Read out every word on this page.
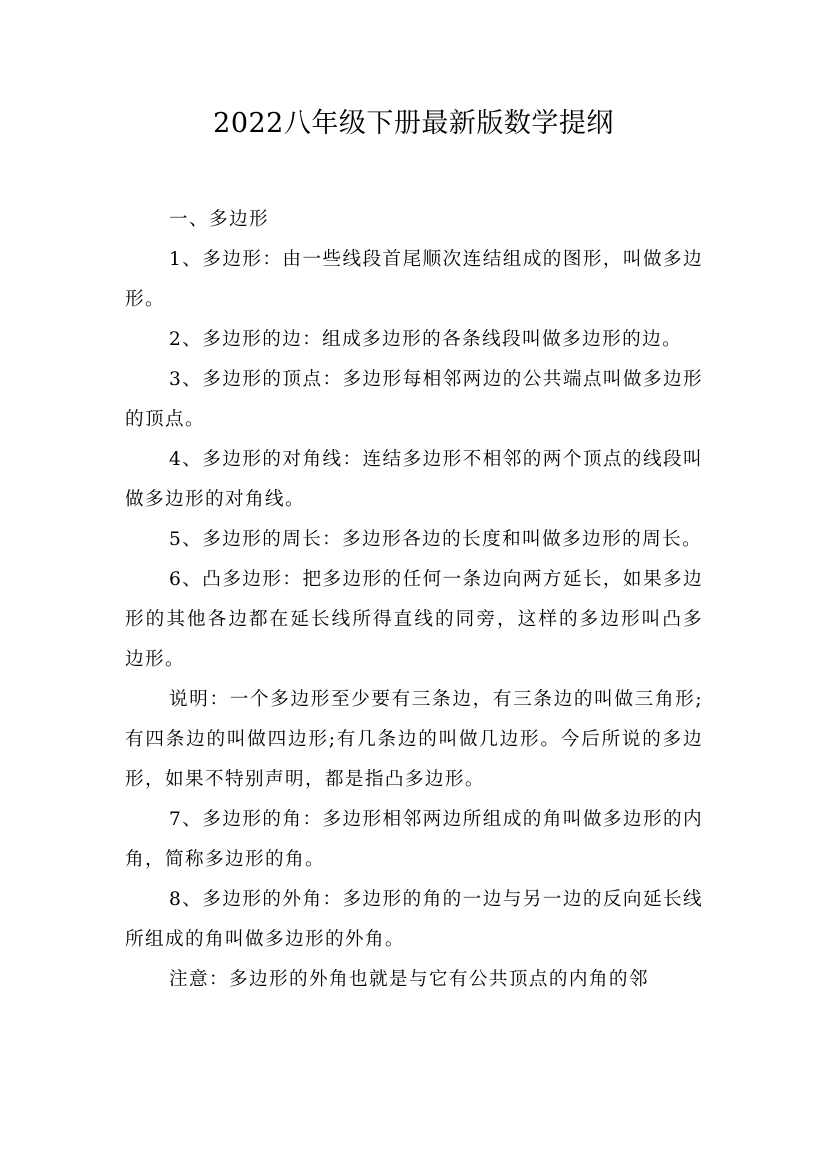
2022八年级下册最新版数学提纲

一、多边形

1、多边形：由一些线段首尾顺次连结组成的图形，叫做多边形。

2、多边形的边：组成多边形的各条线段叫做多边形的边。

3、多边形的顶点：多边形每相邻两边的公共端点叫做多边形的顶点。

4、多边形的对角线：连结多边形不相邻的两个顶点的线段叫做多边形的对角线。

5、多边形的周长：多边形各边的长度和叫做多边形的周长。

6、凸多边形：把多边形的任何一条边向两方延长，如果多边形的其他各边都在延长线所得直线的同旁，这样的多边形叫凸多边形。

说明：一个多边形至少要有三条边，有三条边的叫做三角形;有四条边的叫做四边形;有几条边的叫做几边形。今后所说的多边形，如果不特别声明，都是指凸多边形。

7、多边形的角：多边形相邻两边所组成的角叫做多边形的内角，简称多边形的角。

8、多边形的外角：多边形的角的一边与另一边的反向延长线所组成的角叫做多边形的外角。

注意：多边形的外角也就是与它有公共顶点的内角的邻
